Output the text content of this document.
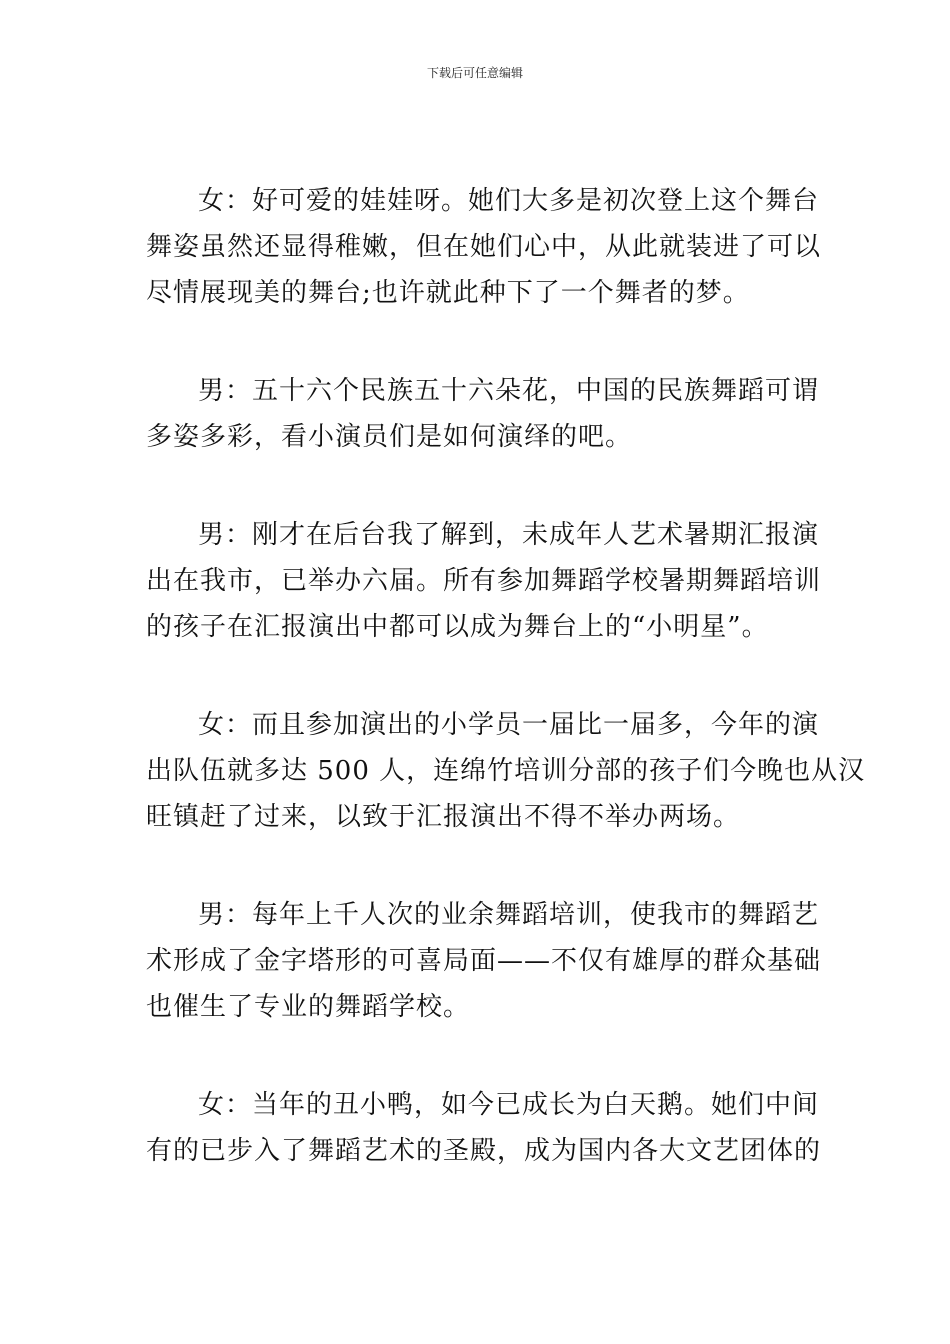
下载后可任意编辑
女：好可爱的娃娃呀。她们大多是初次登上这个舞台
舞姿虽然还显得稚嫩，但在她们心中，从此就装进了可以
尽情展现美的舞台;也许就此种下了一个舞者的梦。
男：五十六个民族五十六朵花，中国的民族舞蹈可谓
多姿多彩，看小演员们是如何演绎的吧。
男：刚才在后台我了解到，未成年人艺术暑期汇报演
出在我市，已举办六届。所有参加舞蹈学校暑期舞蹈培训
的孩子在汇报演出中都可以成为舞台上的“小明星”。
女：而且参加演出的小学员一届比一届多，今年的演
出队伍就多达 500 人，连绵竹培训分部的孩子们今晚也从汉
旺镇赶了过来，以致于汇报演出不得不举办两场。
男：每年上千人次的业余舞蹈培训，使我市的舞蹈艺
术形成了金字塔形的可喜局面——不仅有雄厚的群众基础
也催生了专业的舞蹈学校。
女：当年的丑小鸭，如今已成长为白天鹅。她们中间
有的已步入了舞蹈艺术的圣殿，成为国内各大文艺团体的
